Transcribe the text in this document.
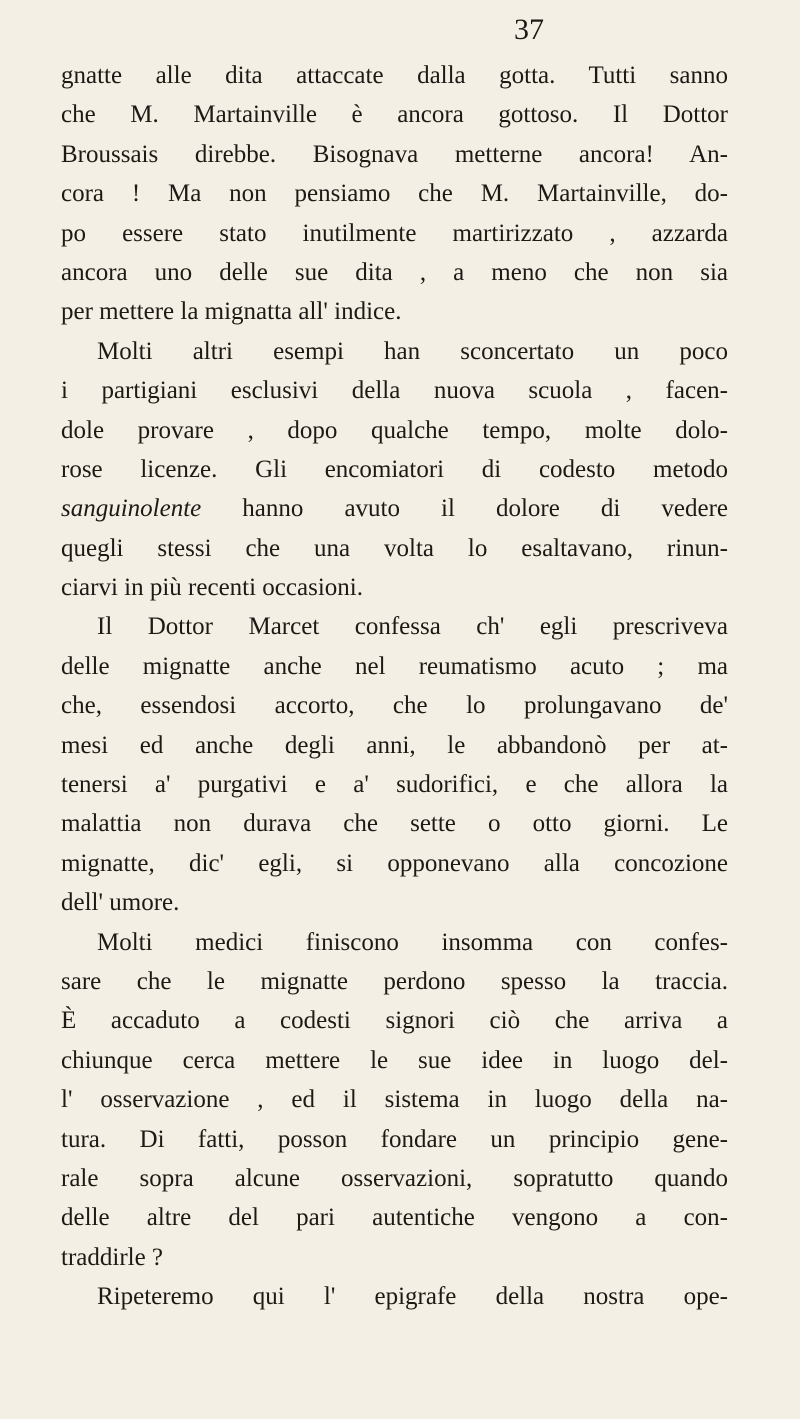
37
gnatte alle dita attaccate dalla gotta. Tutti sanno
che M. Martainville è ancora gottoso. Il Dottor
Broussais direbbe. Bisognava metterne ancora! An-
cora ! Ma non pensiamo che M. Martainville, do-
po essere stato inutilmente martirizzato , azzarda
ancora uno delle sue dita , a meno che non sia
per mettere la mignatta all' indice.
Molti altri esempi han sconcertato un poco
i partigiani esclusivi della nuova scuola , facen-
dole provare , dopo qualche tempo, molte dolo-
rose licenze. Gli encomiatori di codesto metodo
sanguinolente hanno avuto il dolore di vedere
quegli stessi che una volta lo esaltavano, rinun-
ciarvi in più recenti occasioni.
Il Dottor Marcet confessa ch' egli prescriveva
delle mignatte anche nel reumatismo acuto ; ma
che, essendosi accorto, che lo prolungavano de'
mesi ed anche degli anni, le abbandonò per at-
tenersi a' purgativi e a' sudorifici, e che allora la
malattia non durava che sette o otto giorni. Le
mignatte, dic' egli, si opponevano alla concozione
dell' umore.
Molti medici finiscono insomma con confes-
sare che le mignatte perdono spesso la traccia.
È accaduto a codesti signori ciò che arriva a
chiunque cerca mettere le sue idee in luogo del-
l' osservazione , ed il sistema in luogo della na-
tura. Di fatti, posson fondare un principio gene-
rale sopra alcune osservazioni, sopratutto quando
delle altre del pari autentiche vengono a con-
traddirle ?
Ripeteremo qui l' epigrafe della nostra ope-
